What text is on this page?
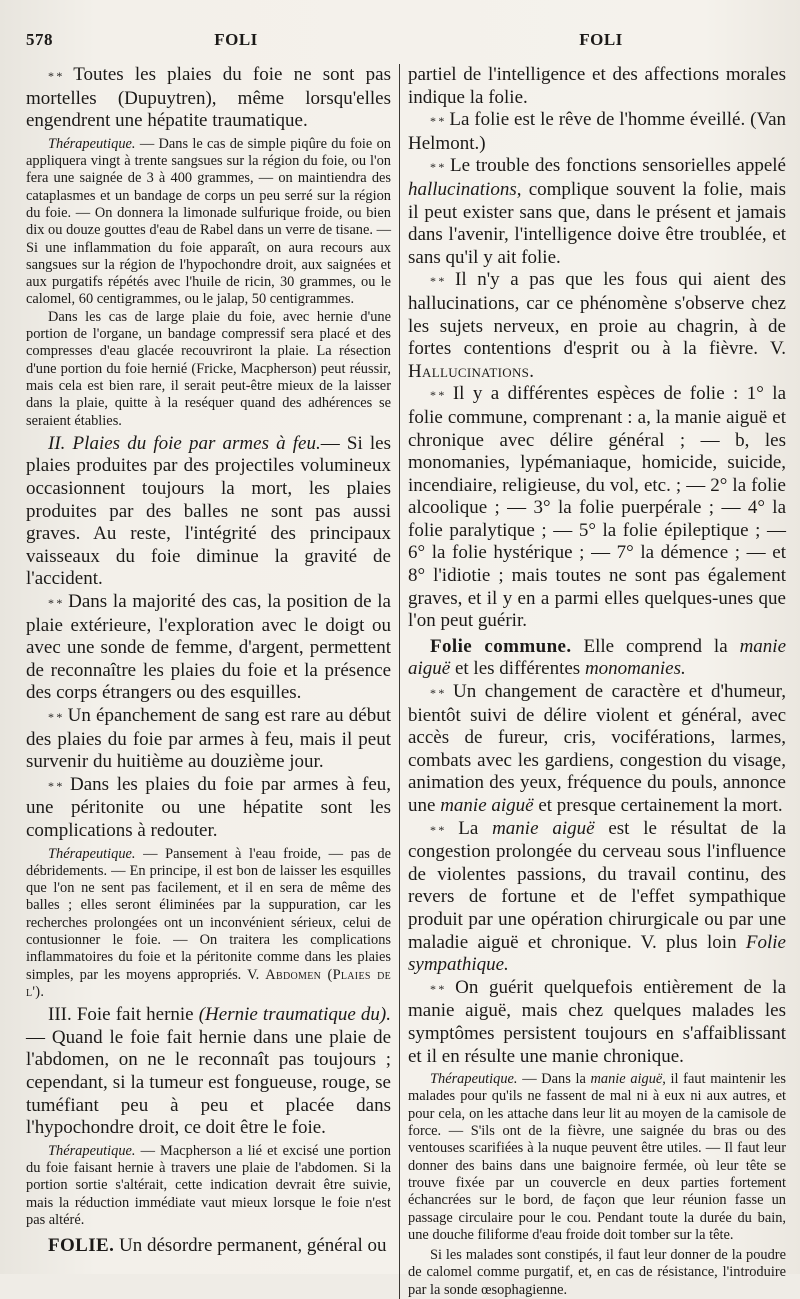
578	FOLI	FOLI

* * Toutes les plaies du foie ne sont pas mortelles (Dupuytren), même lorsqu'elles engendrent une hépatite traumatique.

Thérapeutique. — Dans le cas de simple piqûre du foie on appliquera vingt à trente sangsues sur la région du foie, ou l'on fera une saignée de 3 à 400 grammes, — on maintiendra des cataplasmes et un bandage de corps un peu serré sur la région du foie. — On donnera la limonade sulfurique froide, ou bien dix ou douze gouttes d'eau de Rabel dans un verre de tisane. — Si une inflammation du foie apparaît, on aura recours aux sangsues sur la région de l'hypochondre droit, aux saignées et aux purgatifs répétés avec l'huile de ricin, 30 grammes, ou le calomel, 60 centigrammes, ou le jalap, 50 centigrammes.

Dans les cas de large plaie du foie, avec hernie d'une portion de l'organe, un bandage compressif sera placé et des compresses d'eau glacée recouvriront la plaie. La résection d'une portion du foie hernié (Fricke, Macpherson) peut réussir, mais cela est bien rare, il serait peut-être mieux de la laisser dans la plaie, quitte à la reséquer quand des adhérences se seraient établies.

II. Plaies du foie par armes à feu.— Si les plaies produites par des projectiles volumineux occasionnent toujours la mort, les plaies produites par des balles ne sont pas aussi graves. Au reste, l'intégrité des principaux vaisseaux du foie diminue la gravité de l'accident.

* * Dans la majorité des cas, la position de la plaie extérieure, l'exploration avec le doigt ou avec une sonde de femme, d'argent, permettent de reconnaître les plaies du foie et la présence des corps étrangers ou des esquilles.

* * Un épanchement de sang est rare au début des plaies du foie par armes à feu, mais il peut survenir du huitième au douzième jour.

* * Dans les plaies du foie par armes à feu, une péritonite ou une hépatite sont les complications à redouter.

Thérapeutique. — Pansement à l'eau froide, — pas de débridements. — En principe, il est bon de laisser les esquilles que l'on ne sent pas facilement, et il en sera de même des balles ; elles seront éliminées par la suppuration, car les recherches prolongées ont un inconvénient sérieux, celui de contusionner le foie. — On traitera les complications inflammatoires du foie et la péritonite comme dans les plaies simples, par les moyens appropriés. V. Abdomen (Plaies de l').

III. Foie fait hernie (Hernie traumatique du). — Quand le foie fait hernie dans une plaie de l'abdomen, on ne le reconnaît pas toujours ; cependant, si la tumeur est fongueuse, rouge, se tuméfiant peu à peu et placée dans l'hypochondre droit, ce doit être le foie.

Thérapeutique. — Macpherson a lié et excisé une portion du foie faisant hernie à travers une plaie de l'abdomen. Si la portion sortie s'altérait, cette indication devrait être suivie, mais la réduction immédiate vaut mieux lorsque le foie n'est pas altéré.

FOLIE. Un désordre permanent, général ou

partiel de l'intelligence et des affections morales indique la folie.

* * La folie est le rêve de l'homme éveillé. (Van Helmont.)

* * Le trouble des fonctions sensorielles appelé hallucinations, complique souvent la folie, mais il peut exister sans que, dans le présent et jamais dans l'avenir, l'intelligence doive être troublée, et sans qu'il y ait folie.

* * Il n'y a pas que les fous qui aient des hallucinations, car ce phénomène s'observe chez les sujets nerveux, en proie au chagrin, à de fortes contentions d'esprit ou à la fièvre. V. Hallucinations.

* * Il y a différentes espèces de folie : 1° la folie commune, comprenant : a, la manie aiguë et chronique avec délire général ; — b, les monomanies, lypémaniaque, homicide, suicide, incendiaire, religieuse, du vol, etc. ; — 2° la folie alcoolique ; — 3° la folie puerpérale ; — 4° la folie paralytique ; — 5° la folie épileptique ; — 6° la folie hystérique ; — 7° la démence ; — et 8° l'idiotie ; mais toutes ne sont pas également graves, et il y en a parmi elles quelques-unes que l'on peut guérir.

Folie commune. Elle comprend la manie aiguë et les différentes monomanies.

* * Un changement de caractère et d'humeur, bientôt suivi de délire violent et général, avec accès de fureur, cris, vociférations, larmes, combats avec les gardiens, congestion du visage, animation des yeux, fréquence du pouls, annonce une manie aiguë et presque certainement la mort.

* * La manie aiguë est le résultat de la congestion prolongée du cerveau sous l'influence de violentes passions, du travail continu, des revers de fortune et de l'effet sympathique produit par une opération chirurgicale ou par une maladie aiguë et chronique. V. plus loin Folie sympathique.

* * On guérit quelquefois entièrement de la manie aiguë, mais chez quelques malades les symptômes persistent toujours en s'affaiblissant et il en résulte une manie chronique.

Thérapeutique. — Dans la manie aiguë, il faut maintenir les malades pour qu'ils ne fassent de mal ni à eux ni aux autres, et pour cela, on les attache dans leur lit au moyen de la camisole de force. — S'ils ont de la fièvre, une saignée du bras ou des ventouses scarifiées à la nuque peuvent être utiles. — Il faut leur donner des bains dans une baignoire fermée, où leur tête se trouve fixée par un couvercle en deux parties fortement échancrées sur le bord, de façon que leur réunion fasse un passage circulaire pour le cou. Pendant toute la durée du bain, une douche filiforme d'eau froide doit tomber sur la tête.

Si les malades sont constipés, il faut leur donner de la poudre de calomel comme purgatif, et, en cas de résistance, l'introduire par la sonde œsophagienne.
